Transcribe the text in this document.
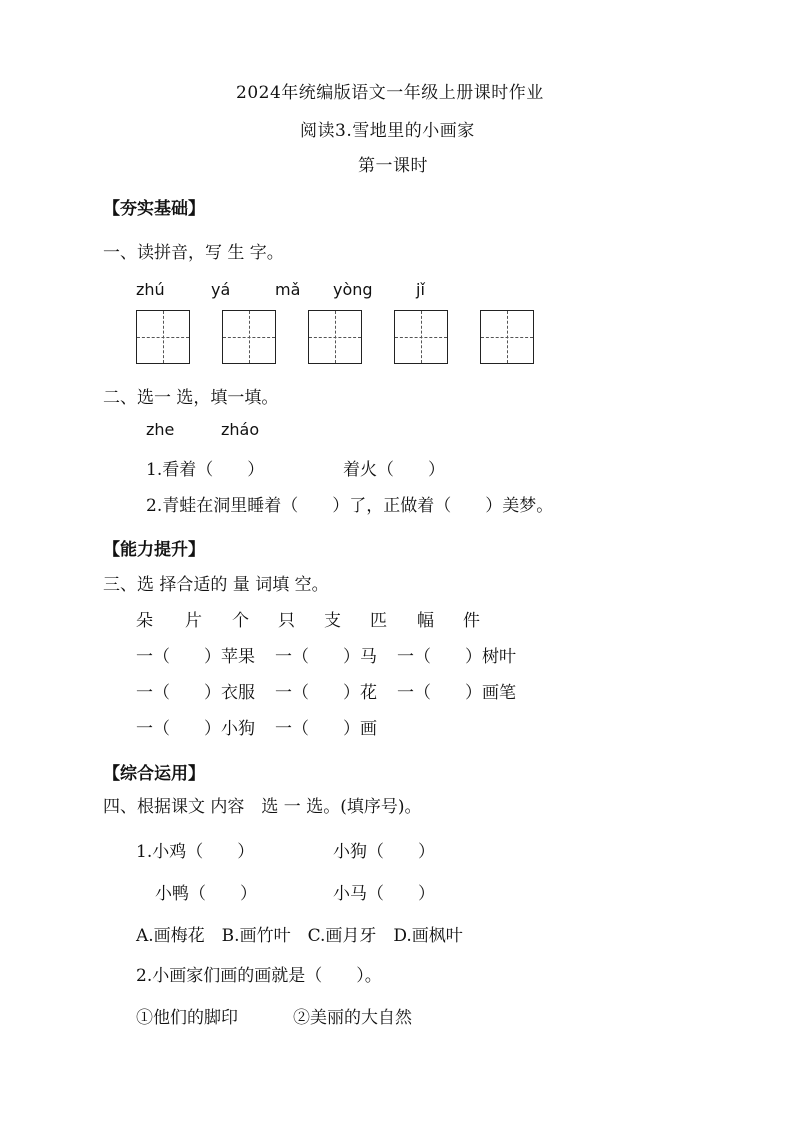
2024年统编版语文一年级上册课时作业
阅读3.雪地里的小画家
第一课时
【夯实基础】
一、读拼音，写 生 字。
zhú	yá	mǎ yòng	jǐ
二、选一 选，填一填。
zhe	zháo
1.看着（　　）	着火（　　）
2.青蛙在洞里睡着（　　）了，正做着（　　）美梦。
【能力提升】
三、选 择合适的 量 词填 空。
朵 片 个 只 支 匹 幅 件
一（　　）苹果 一（　　）马 一（　　）树叶
一（　　）衣服 一（　　）花 一（　　）画笔
一（　　）小狗 一（　　）画
【综合运用】
四、根据课文 内容　选 一 选。(填序号)。
1.小鸡（　　）	小狗（　　）
小鸭（　　）	小马（　　）
A.画梅花　B.画竹叶　C.画月牙　D.画枫叶
2.小画家们画的画就是（　　）。
①他们的脚印	②美丽的大自然
